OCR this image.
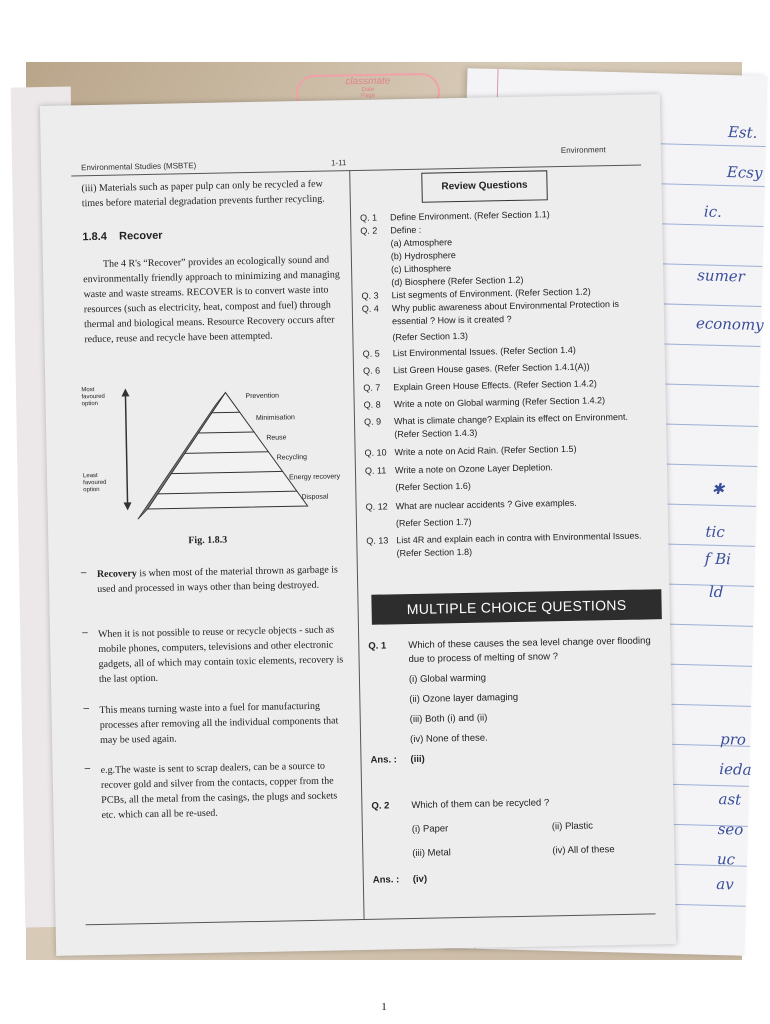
Est.
Ecsy
ic.
sumer
economy
✱
tic
f Bi
ld
pro
ieda
ast
seo
uc
av
classmate
Date
Page
Environmental Studies (MSBTE)	1-11
Environment
(iii) Materials such as paper pulp can only be recycled a few times before material degradation prevents further recycling.
1.8.4 Recover
The 4 R's “Recover” provides an ecologically sound and environmentally friendly approach to minimizing and managing waste and waste streams. RECOVER is to convert waste into resources (such as electricity, heat, compost and fuel) through thermal and biological means. Resource Recovery occurs after reduce, reuse and recycle have been attempted.
Prevention
Minimisation
Reuse
Recycling
Energy recovery
Disposal
Most favoured option
Least favoured option
Fig. 1.8.3
– Recovery is when most of the material thrown as garbage is used and processed in ways other than being destroyed.
– When it is not possible to reuse or recycle objects - such as mobile phones, computers, televisions and other electronic gadgets, all of which may contain toxic elements, recovery is the last option.
– This means turning waste into a fuel for manufacturing processes after removing all the individual components that may be used again.
– e.g.The waste is sent to scrap dealers, can be a source to recover gold and silver from the contacts, copper from the PCBs, all the metal from the casings, the plugs and sockets etc. which can all be re-used.
Review Questions
Q. 1 Define Environment. (Refer Section 1.1)
Q. 2 Define :
(a) Atmosphere
(b) Hydrosphere
(c) Lithosphere
(d) Biosphere (Refer Section 1.2)
Q. 3 List segments of Environment. (Refer Section 1.2)
Q. 4	Why public awareness about Environmental Protection is essential ? How is it created ?
(Refer Section 1.3)
Q. 5 List Environmental Issues. (Refer Section 1.4)
Q. 6 List Green House gases. (Refer Section 1.4.1(A))
Q. 7 Explain Green House Effects. (Refer Section 1.4.2)
Q. 8 Write a note on Global warming (Refer Section 1.4.2)
Q. 9	What is climate change? Explain its effect on Environment. (Refer Section 1.4.3)
Q. 10 Write a note on Acid Rain. (Refer Section 1.5)
Q. 11 Write a note on Ozone Layer Depletion.
(Refer Section 1.6)
Q. 12 What are nuclear accidents ? Give examples.
(Refer Section 1.7)
Q. 13 List 4R and explain each in contra with Environmental Issues. (Refer Section 1.8)
MULTIPLE CHOICE QUESTIONS
Q. 1	Which of these causes the sea level change over flooding due to process of melting of snow ?
(i) Global warming
(ii) Ozone layer damaging
(iii) Both (i) and (ii)
(iv) None of these.
Ans. : (iii)
Q. 2 Which of them can be recycled ?
(i) Paper	(ii) Plastic
(iii) Metal	(iv) All of these
Ans. : (iv)
1
